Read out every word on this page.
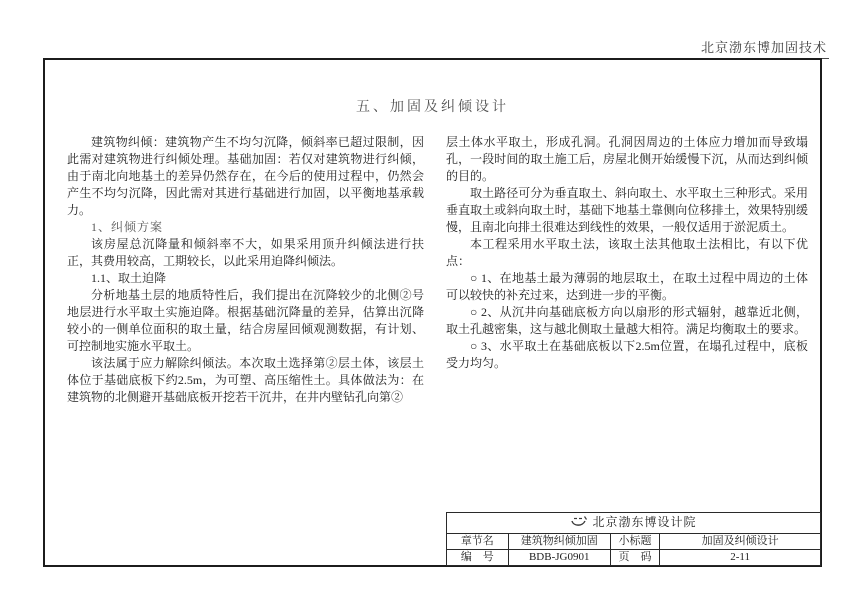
北京渤东博加固技术
五、加固及纠倾设计

建筑物纠倾：建筑物产生不均匀沉降，倾斜率已超过限制，因此需对建筑物进行纠倾处理。基础加固：若仅对建筑物进行纠倾，由于南北向地基土的差异仍然存在，在今后的使用过程中，仍然会产生不均匀沉降，因此需对其进行基础进行加固，以平衡地基承载力。

1、纠倾方案

该房屋总沉降量和倾斜率不大，如果采用顶升纠倾法进行扶正，其费用较高，工期较长，以此采用迫降纠倾法。

1.1、取土迫降

分析地基土层的地质特性后，我们提出在沉降较少的北侧②号地层进行水平取土实施迫降。根据基础沉降量的差异，估算出沉降较小的一侧单位面积的取土量，结合房屋回倾观测数据，有计划、可控制地实施水平取土。

该法属于应力解除纠倾法。本次取土选择第②层土体，该层土体位于基础底板下约2.5m，为可塑、高压缩性土。具体做法为：在建筑物的北侧避开基础底板开挖若干沉井，在井内壁钻孔向第②

层土体水平取土，形成孔洞。孔洞因周边的土体应力增加而导致塌孔，一段时间的取土施工后，房屋北侧开始缓慢下沉，从而达到纠倾的目的。

取土路径可分为垂直取土、斜向取土、水平取土三种形式。采用垂直取土或斜向取土时，基础下地基土靠侧向位移排土，效果特别缓慢，且南北向排土很难达到线性的效果，一般仅适用于淤泥质土。

本工程采用水平取土法，该取土法其他取土法相比，有以下优点：

○ 1、在地基土最为薄弱的地层取土，在取土过程中周边的土体可以较快的补充过来，达到进一步的平衡。

○ 2、从沉井向基础底板方向以扇形的形式辐射，越靠近北侧，取土孔越密集，这与越北侧取土量越大相符。满足均衡取土的要求。

○ 3、水平取土在基础底板以下2.5m位置，在塌孔过程中，底板受力均匀。

北京渤东博设计院			
章节名	建筑物纠倾加固	小标题	加固及纠倾设计
编　号	BDB-JG0901	页　码	2-11
